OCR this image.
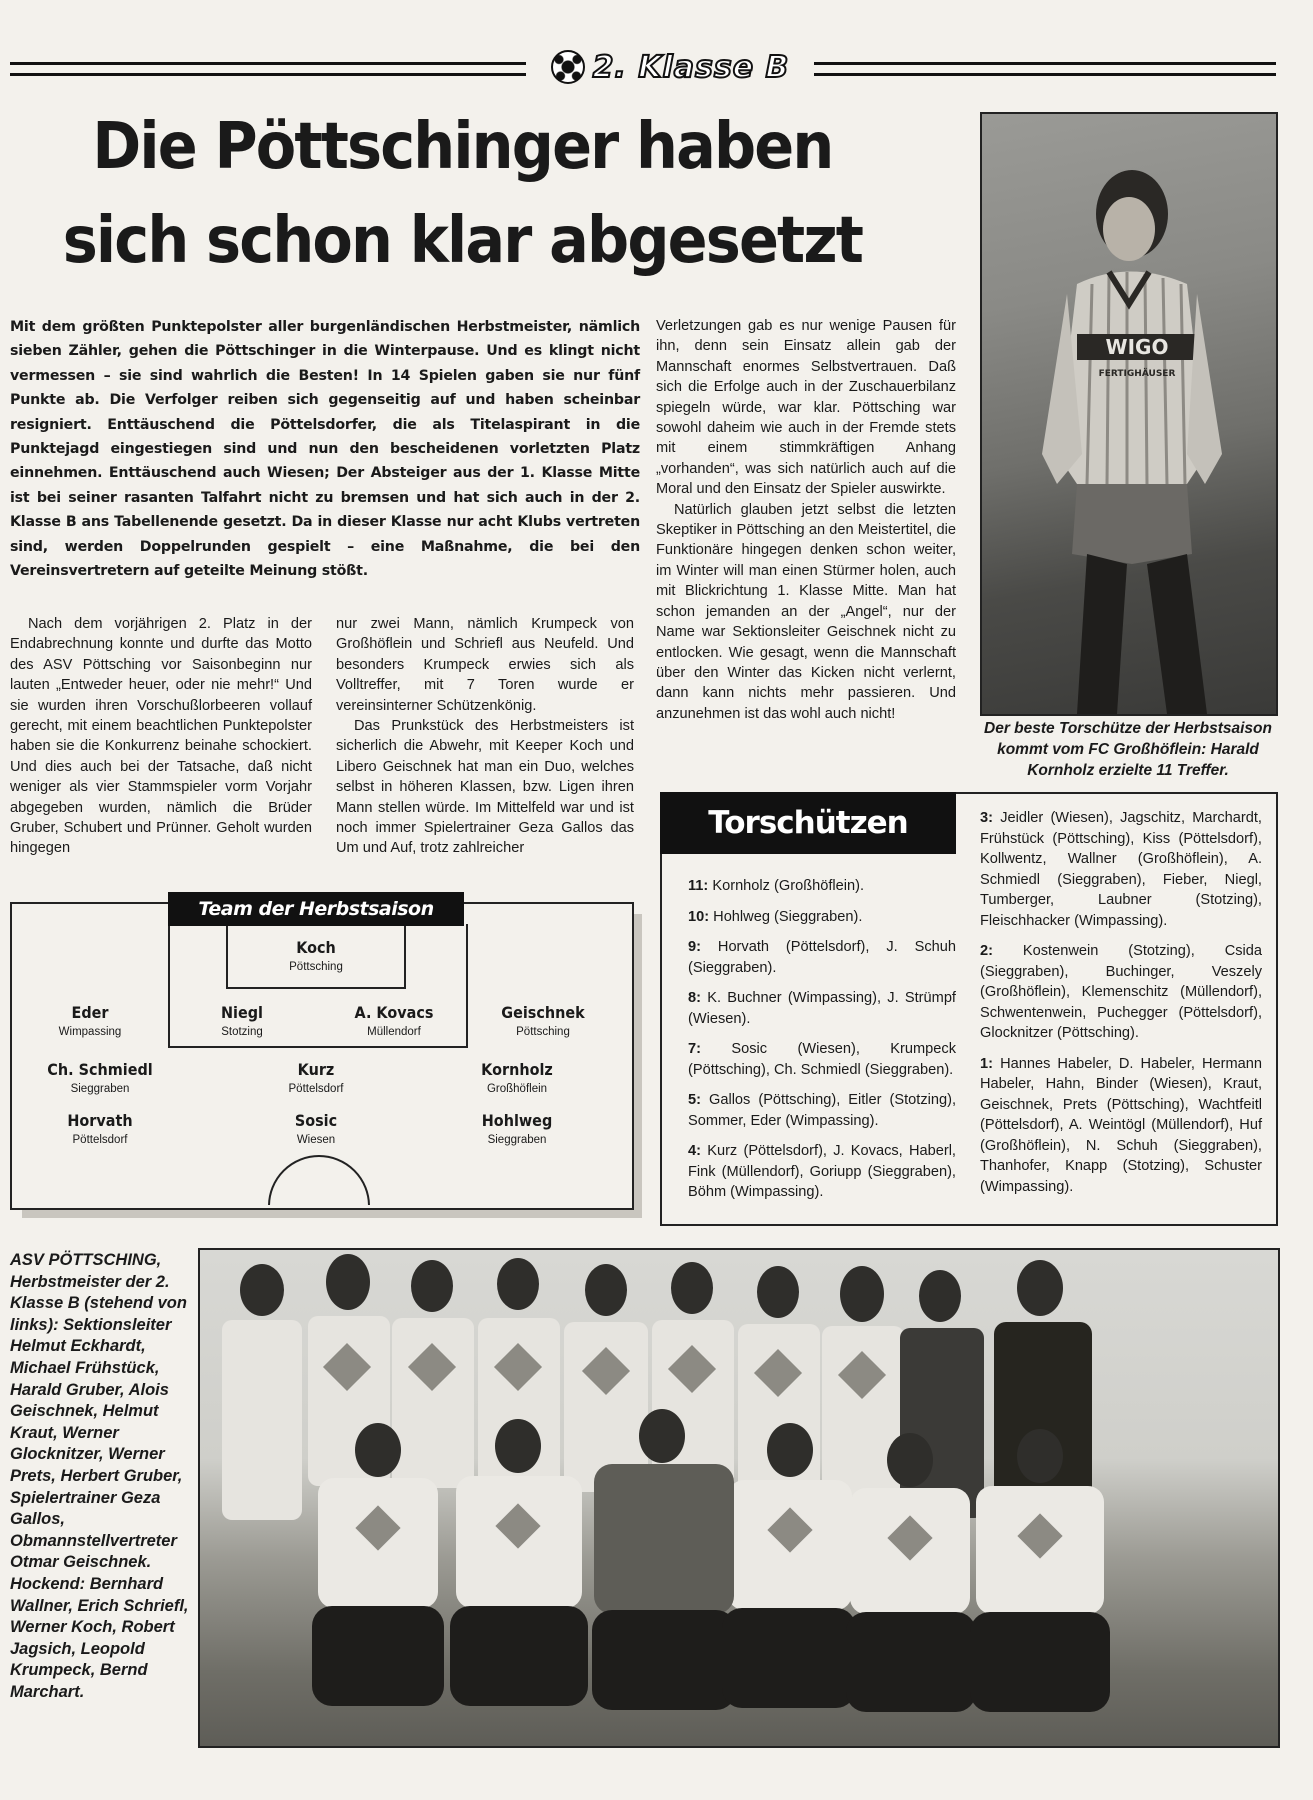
2. Klasse B
Die Pöttschinger haben sich schon klar abgesetzt
Mit dem größten Punktepolster aller burgenländischen Herbstmeister, nämlich sieben Zähler, gehen die Pöttschinger in die Winterpause. Und es klingt nicht vermessen – sie sind wahrlich die Besten! In 14 Spielen gaben sie nur fünf Punkte ab. Die Verfolger reiben sich gegenseitig auf und haben scheinbar resigniert. Enttäuschend die Pöttelsdorfer, die als Titelaspirant in die Punktejagd eingestiegen sind und nun den bescheidenen vorletzten Platz einnehmen. Enttäuschend auch Wiesen; Der Absteiger aus der 1. Klasse Mitte ist bei seiner rasanten Talfahrt nicht zu bremsen und hat sich auch in der 2. Klasse B ans Tabellenende gesetzt. Da in dieser Klasse nur acht Klubs vertreten sind, werden Doppelrunden gespielt – eine Maßnahme, die bei den Vereinsvertretern auf geteilte Meinung stößt.

Nach dem vorjährigen 2. Platz in der Endabrechnung konnte und durfte das Motto des ASV Pöttsching vor Saisonbeginn nur lauten „Entweder heuer, oder nie mehr!“ Und sie wurden ihren Vorschußlorbeeren vollauf gerecht, mit einem beachtlichen Punktepolster haben sie die Konkurrenz beinahe schockiert. Und dies auch bei der Tatsache, daß nicht weniger als vier Stammspieler vorm Vorjahr abgegeben wurden, nämlich die Brüder Gruber, Schubert und Prünner. Geholt wurden hingegen

nur zwei Mann, nämlich Krumpeck von Großhöflein und Schriefl aus Neufeld. Und besonders Krumpeck erwies sich als Volltreffer, mit 7 Toren wurde er vereinsinterner Schützenkönig.

Das Prunkstück des Herbstmeisters ist sicherlich die Abwehr, mit Keeper Koch und Libero Geischnek hat man ein Duo, welches selbst in höheren Klassen, bzw. Ligen ihren Mann stellen würde. Im Mittelfeld war und ist noch immer Spielertrainer Geza Gallos das Um und Auf, trotz zahlreicher

Verletzungen gab es nur wenige Pausen für ihn, denn sein Einsatz allein gab der Mannschaft enormes Selbstvertrauen. Daß sich die Erfolge auch in der Zuschauerbilanz spiegeln würde, war klar. Pöttsching war sowohl daheim wie auch in der Fremde stets mit einem stimmkräftigen Anhang „vorhanden“, was sich natürlich auch auf die Moral und den Einsatz der Spieler auswirkte.

Natürlich glauben jetzt selbst die letzten Skeptiker in Pöttsching an den Meistertitel, die Funktionäre hingegen denken schon weiter, im Winter will man einen Stürmer holen, auch mit Blickrichtung 1. Klasse Mitte. Man hat schon jemanden an der „Angel“, nur der Name war Sektionsleiter Geischnek nicht zu entlocken. Wie gesagt, wenn die Mannschaft über den Winter das Kicken nicht verlernt, dann kann nichts mehr passieren. Und anzunehmen ist das wohl auch nicht!

WIGO
FERTIGHÄUSER
Der beste Torschütze der Herbstsaison kommt vom FC Großhöflein: Harald Kornholz erzielte 11 Treffer.
Team der Herbstsaison
Koch
Pöttsching
Eder
Wimpassing
Niegl
Stotzing
A. Kovacs
Müllendorf
Geischnek
Pöttsching
Ch. Schmiedl
Sieggraben
Kurz
Pöttelsdorf
Kornholz
Großhöflein
Horvath
Pöttelsdorf
Sosic
Wiesen
Hohlweg
Sieggraben
Torschützen

11: Kornholz (Großhöflein).

10: Hohlweg (Sieggraben).

9: Horvath (Pöttelsdorf), J. Schuh (Sieggraben).

8: K. Buchner (Wimpassing), J. Strümpf (Wiesen).

7: Sosic (Wiesen), Krumpeck (Pöttsching), Ch. Schmiedl (Sieggraben).

5: Gallos (Pöttsching), Eitler (Stotzing), Sommer, Eder (Wimpassing).

4: Kurz (Pöttelsdorf), J. Kovacs, Haberl, Fink (Müllendorf), Goriupp (Sieggraben), Böhm (Wimpassing).

3: Jeidler (Wiesen), Jagschitz, Marchardt, Frühstück (Pöttsching), Kiss (Pöttelsdorf), Kollwentz, Wallner (Großhöflein), A. Schmiedl (Sieggraben), Fieber, Niegl, Tumberger, Laubner (Stotzing), Fleischhacker (Wimpassing).

2: Kostenwein (Stotzing), Csida (Sieggraben), Buchinger, Veszely (Großhöflein), Klemenschitz (Müllendorf), Schwentenwein, Puchegger (Pöttelsdorf), Glocknitzer (Pöttsching).

1: Hannes Habeler, D. Habeler, Hermann Habeler, Hahn, Binder (Wiesen), Kraut, Geischnek, Prets (Pöttsching), Wachtfeitl (Pöttelsdorf), A. Weintögl (Müllendorf), Huf (Großhöflein), N. Schuh (Sieggraben), Thanhofer, Knapp (Stotzing), Schuster (Wimpassing).

ASV PÖTTSCHING, Herbstmeister der 2. Klasse B (stehend von links): Sektionsleiter Helmut Eckhardt, Michael Frühstück, Harald Gruber, Alois Geischnek, Helmut Kraut, Werner Glocknitzer, Werner Prets, Herbert Gruber, Spielertrainer Geza Gallos, Obmannstellvertreter Otmar Geischnek. Hockend: Bernhard Wallner, Erich Schriefl, Werner Koch, Robert Jagsich, Leopold Krumpeck, Bernd Marchart.
